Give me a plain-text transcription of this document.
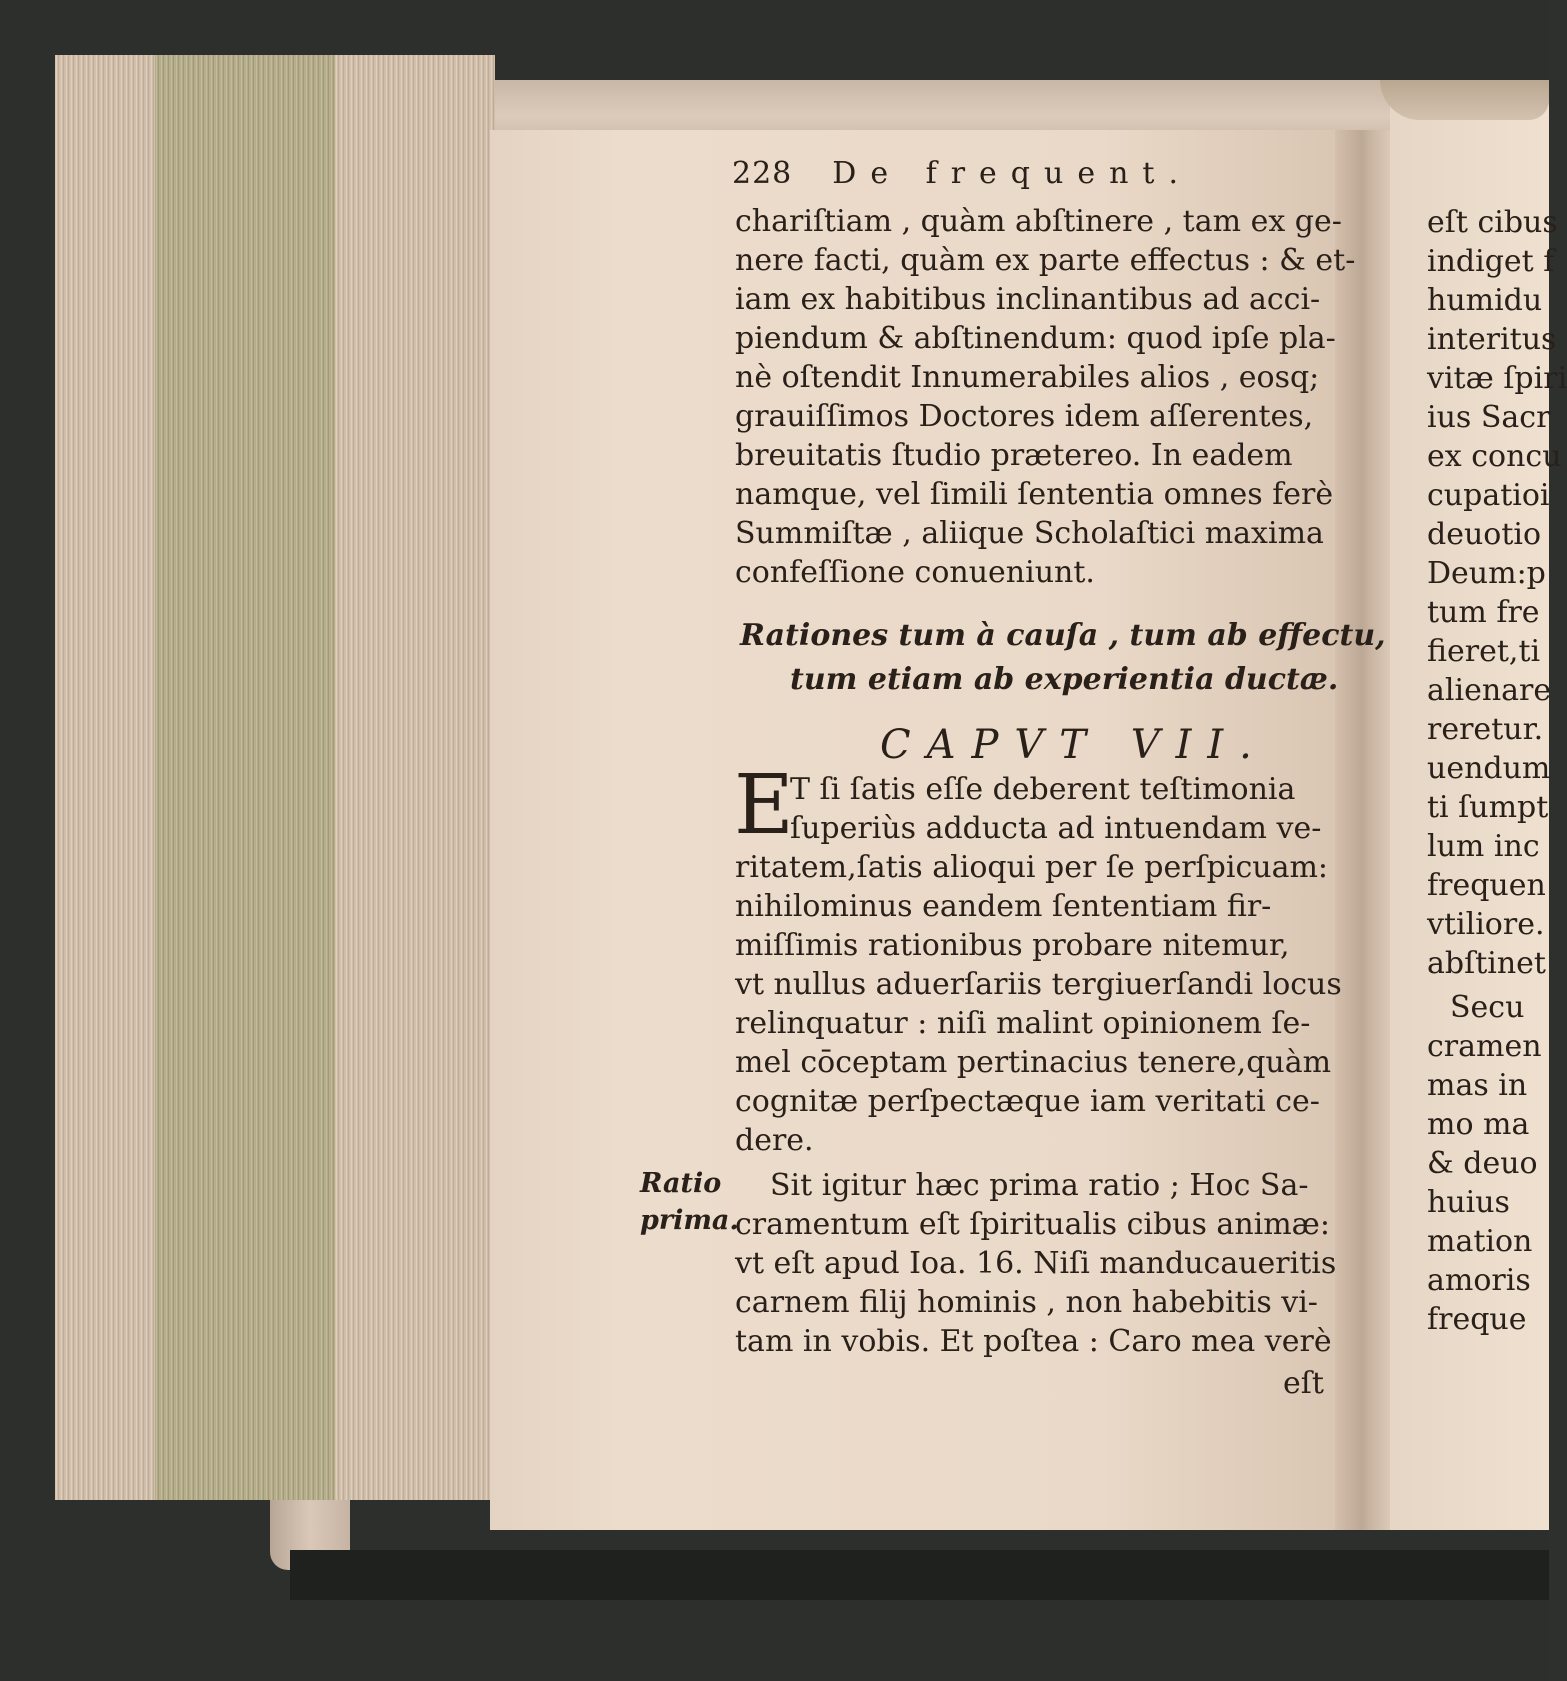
228 De frequent.
chariſtiam , quàm abſtinere , tam ex ge-
nere facti, quàm ex parte effectus : & et-
iam ex habitibus inclinantibus ad acci-
piendum & abſtinendum: quod ipſe pla-
nè oſtendit Innumerabiles alios , eosq;
grauiſſimos Doctores idem aſſerentes,
breuitatis ſtudio prætereo. In eadem
namque, vel ſimili ſententia omnes ferè
Summiſtæ , aliique Scholaſtici maxima
confeſſione conueniunt.
Rationes tum à cauſa , tum ab effectu,
tum etiam ab experientia ductæ.
CAPVT VII.
E
T ſi ſatis eſſe deberent teſtimonia
ſuperiùs adducta ad intuendam ve-
ritatem,ſatis alioqui per ſe perſpicuam:
nihilominus eandem ſententiam fir-
miſſimis rationibus probare nitemur,
vt nullus aduerſariis tergiuerſandi locus
relinquatur : niſi malint opinionem ſe-
mel cōceptam pertinacius tenere,quàm
cognitæ perſpectæque iam veritati ce-
dere.
Ratio
prima.
Sit igitur hæc prima ratio ; Hoc Sa-
cramentum eſt ſpiritualis cibus animæ:
vt eſt apud Ioa. 16. Niſi manducaueritis
carnem filij hominis , non habebitis vi-
tam in vobis. Et poſtea : Caro mea verè
eſt
eſt cibus
indiget f
humidu
interitus
vitæ ſpiri
ius Sacr
ex concu
cupatioi
deuotio
Deum:p
tum fre
fieret,ti
alienare
reretur.
uendum
ti ſumpt
lum inc
frequen
vtiliore.
abſtinet
Secu
cramen
mas in
mo ma
& deuo
huius
mation
amoris
freque
